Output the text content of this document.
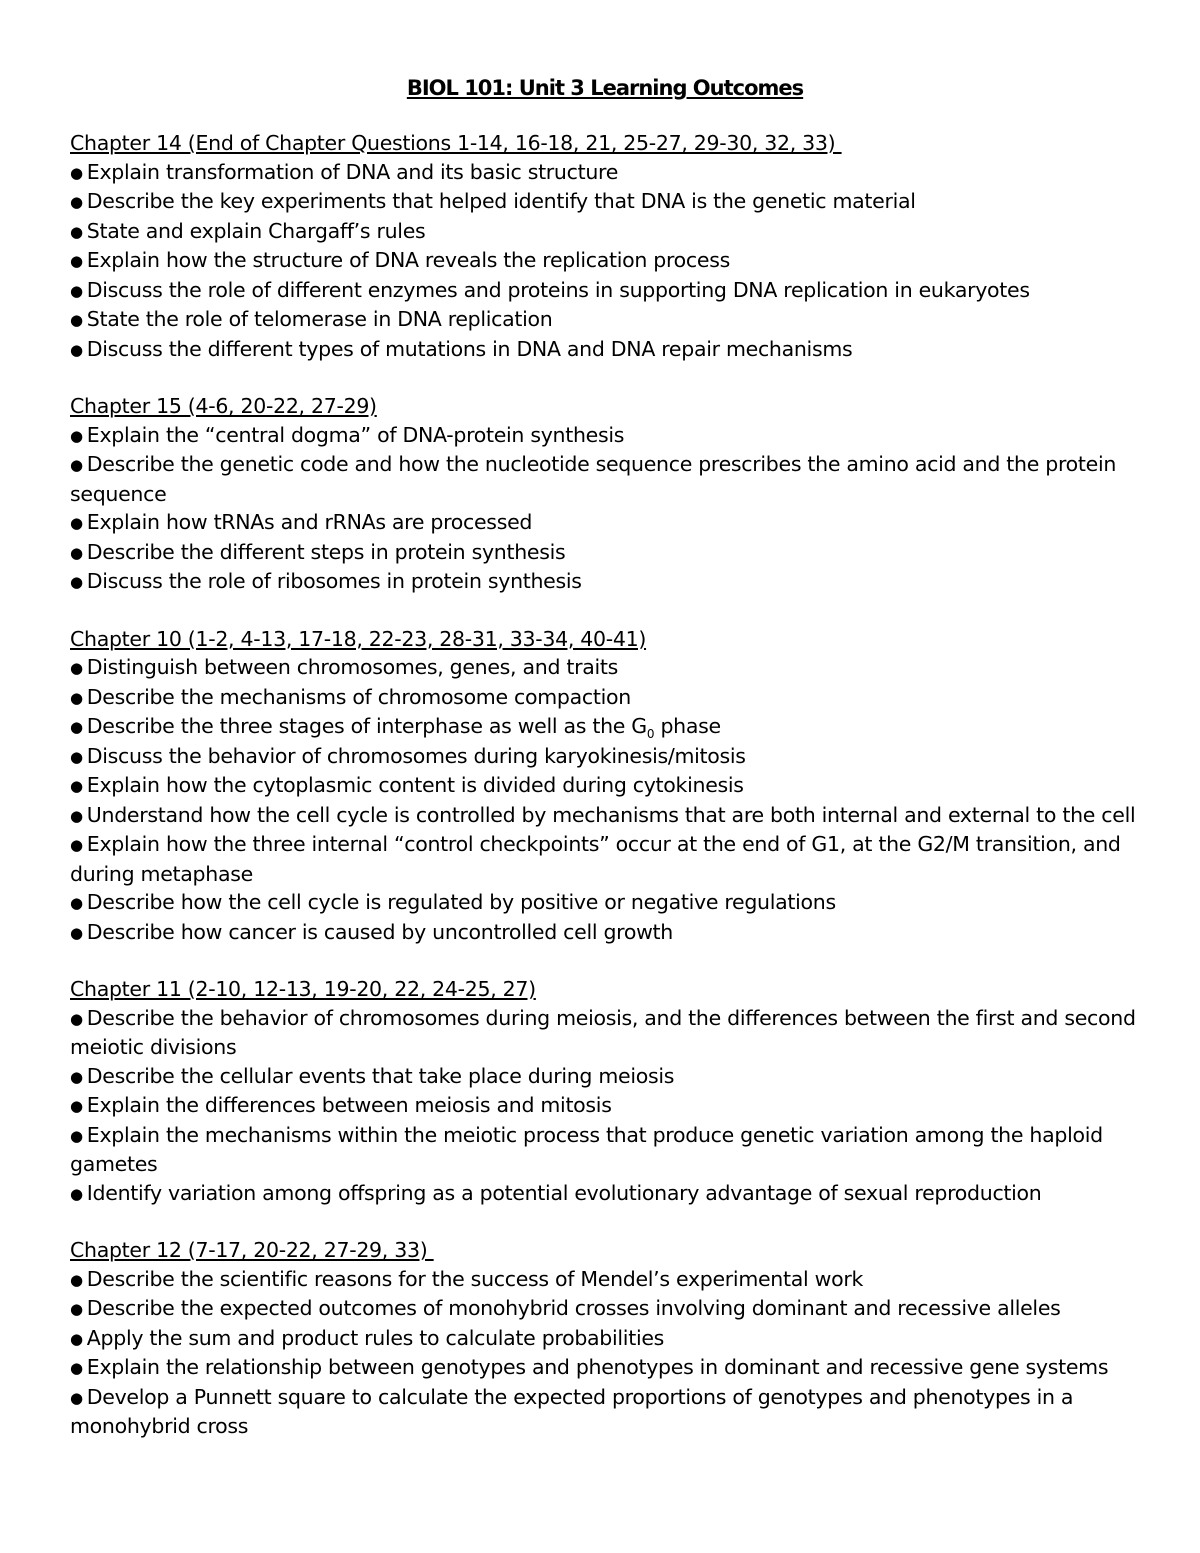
BIOL 101: Unit 3 Learning Outcomes
Chapter 14 (End of Chapter Questions 1-14, 16-18, 21, 25-27, 29-30, 32, 33)
● Explain transformation of DNA and its basic structure
● Describe the key experiments that helped identify that DNA is the genetic material
● State and explain Chargaff’s rules
● Explain how the structure of DNA reveals the replication process
● Discuss the role of different enzymes and proteins in supporting DNA replication in eukaryotes
● State the role of telomerase in DNA replication
● Discuss the different types of mutations in DNA and DNA repair mechanisms
Chapter 15 (4-6, 20-22, 27-29)
● Explain the “central dogma” of DNA-protein synthesis
● Describe the genetic code and how the nucleotide sequence prescribes the amino acid and the protein sequence
● Explain how tRNAs and rRNAs are processed
● Describe the different steps in protein synthesis
● Discuss the role of ribosomes in protein synthesis
Chapter 10 (1-2, 4-13, 17-18, 22-23, 28-31, 33-34, 40-41)
● Distinguish between chromosomes, genes, and traits
● Describe the mechanisms of chromosome compaction
● Describe the three stages of interphase as well as the $G_0$ phase
● Discuss the behavior of chromosomes during karyokinesis/mitosis
● Explain how the cytoplasmic content is divided during cytokinesis
● Understand how the cell cycle is controlled by mechanisms that are both internal and external to the cell
● Explain how the three internal “control checkpoints” occur at the end of G1, at the G2/M transition, and during metaphase
● Describe how the cell cycle is regulated by positive or negative regulations
● Describe how cancer is caused by uncontrolled cell growth
Chapter 11 (2-10, 12-13, 19-20, 22, 24-25, 27)
● Describe the behavior of chromosomes during meiosis, and the differences between the first and second meiotic divisions
● Describe the cellular events that take place during meiosis
● Explain the differences between meiosis and mitosis
● Explain the mechanisms within the meiotic process that produce genetic variation among the haploid gametes
● Identify variation among offspring as a potential evolutionary advantage of sexual reproduction
Chapter 12 (7-17, 20-22, 27-29, 33)
● Describe the scientific reasons for the success of Mendel’s experimental work
● Describe the expected outcomes of monohybrid crosses involving dominant and recessive alleles
● Apply the sum and product rules to calculate probabilities
● Explain the relationship between genotypes and phenotypes in dominant and recessive gene systems
● Develop a Punnett square to calculate the expected proportions of genotypes and phenotypes in a monohybrid cross
